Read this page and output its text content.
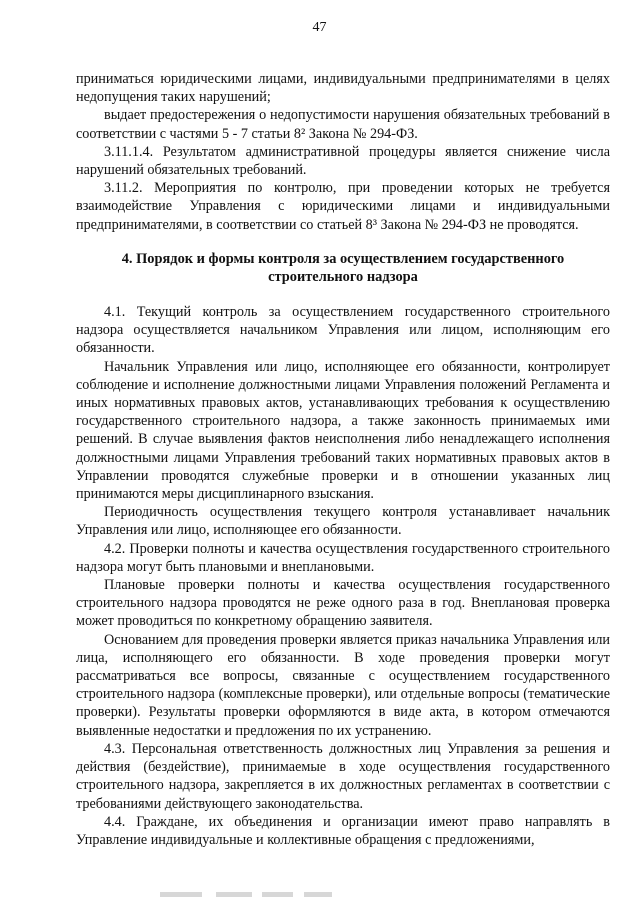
47

приниматься юридическими лицами, индивидуальными предпринимателями в целях недопущения таких нарушений;

выдает предостережения о недопустимости нарушения обязательных требований в соответствии с частями 5 - 7 статьи 8² Закона № 294-ФЗ.

3.11.1.4. Результатом административной процедуры является снижение числа нарушений обязательных требований.

3.11.2. Мероприятия по контролю, при проведении которых не требуется взаимодействие Управления с юридическими лицами и индивидуальными предпринимателями, в соответствии со статьей 8³ Закона № 294-ФЗ не проводятся.

4. Порядок и формы контроля за осуществлением государственного
строительного надзора

4.1. Текущий контроль за осуществлением государственного строительного надзора осуществляется начальником Управления или лицом, исполняющим его обязанности.

Начальник Управления или лицо, исполняющее его обязанности, контролирует соблюдение и исполнение должностными лицами Управления положений Регламента и иных нормативных правовых актов, устанавливающих требования к осуществлению государственного строительного надзора, а также законность принимаемых ими решений. В случае выявления фактов неисполнения либо ненадлежащего исполнения должностными лицами Управления требований таких нормативных правовых актов в Управлении проводятся служебные проверки и в отношении указанных лиц принимаются меры дисциплинарного взыскания.

Периодичность осуществления текущего контроля устанавливает начальник Управления или лицо, исполняющее его обязанности.

4.2. Проверки полноты и качества осуществления государственного строительного надзора могут быть плановыми и внеплановыми.

Плановые проверки полноты и качества осуществления государственного строительного надзора проводятся не реже одного раза в год. Внеплановая проверка может проводиться по конкретному обращению заявителя.

Основанием для проведения проверки является приказ начальника Управления или лица, исполняющего его обязанности. В ходе проведения проверки могут рассматриваться все вопросы, связанные с осуществлением государственного строительного надзора (комплексные проверки), или отдельные вопросы (тематические проверки). Результаты проверки оформляются в виде акта, в котором отмечаются выявленные недостатки и предложения по их устранению.

4.3. Персональная ответственность должностных лиц Управления за решения и действия (бездействие), принимаемые в ходе осуществления государственного строительного надзора, закрепляется в их должностных регламентах в соответствии с требованиями действующего законодательства.

4.4. Граждане, их объединения и организации имеют право направлять в Управление индивидуальные и коллективные обращения с предложениями,
